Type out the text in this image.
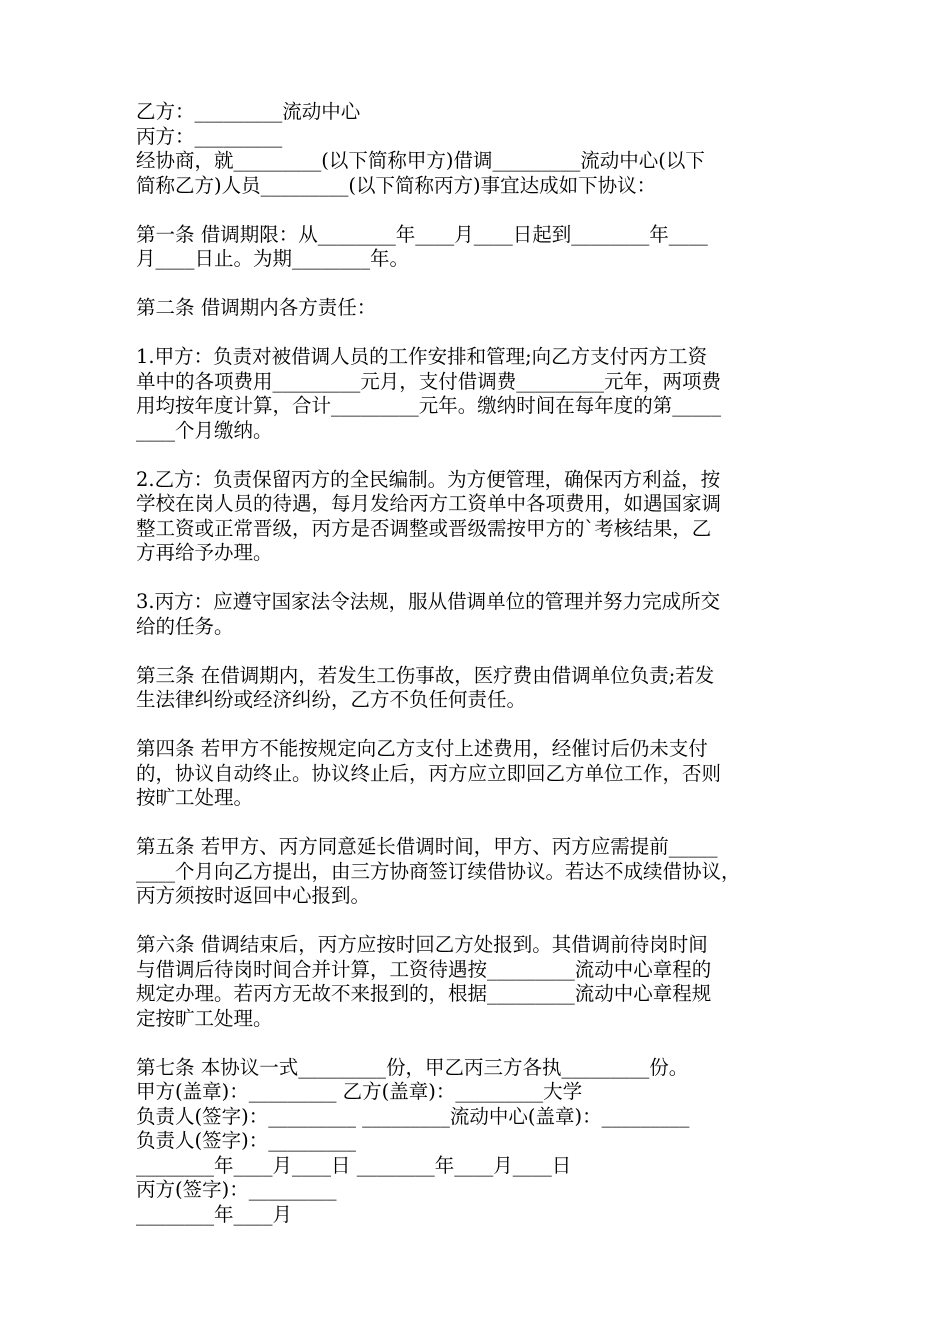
乙方：_________流动中心
丙方：_________
经协商，就_________(以下简称甲方)借调_________流动中心(以下
简称乙方)人员_________(以下简称丙方)事宜达成如下协议：
第一条 借调期限：从________年____月____日起到________年____
月____日止。为期________年。
第二条 借调期内各方责任：
1.甲方：负责对被借调人员的工作安排和管理;向乙方支付丙方工资
单中的各项费用_________元月，支付借调费_________元年，两项费
用均按年度计算，合计_________元年。缴纳时间在每年度的第_____
____个月缴纳。
2.乙方：负责保留丙方的全民编制。为方便管理，确保丙方利益，按
学校在岗人员的待遇，每月发给丙方工资单中各项费用，如遇国家调
整工资或正常晋级，丙方是否调整或晋级需按甲方的`考核结果，乙
方再给予办理。
3.丙方：应遵守国家法令法规，服从借调单位的管理并努力完成所交
给的任务。
第三条 在借调期内，若发生工伤事故，医疗费由借调单位负责;若发
生法律纠纷或经济纠纷，乙方不负任何责任。
第四条 若甲方不能按规定向乙方支付上述费用，经催讨后仍未支付
的，协议自动终止。协议终止后，丙方应立即回乙方单位工作，否则
按旷工处理。
第五条 若甲方、丙方同意延长借调时间，甲方、丙方应需提前_____
____个月向乙方提出，由三方协商签订续借协议。若达不成续借协议，
丙方须按时返回中心报到。
第六条 借调结束后，丙方应按时回乙方处报到。其借调前待岗时间
与借调后待岗时间合并计算，工资待遇按_________流动中心章程的
规定办理。若丙方无故不来报到的，根据_________流动中心章程规
定按旷工处理。
第七条 本协议一式_________份，甲乙丙三方各执_________份。
甲方(盖章)：_________ 乙方(盖章)：_________大学
负责人(签字)：_________ _________流动中心(盖章)：_________
负责人(签字)：_________
________年____月____日 ________年____月____日
丙方(签字)：_________
________年____月
